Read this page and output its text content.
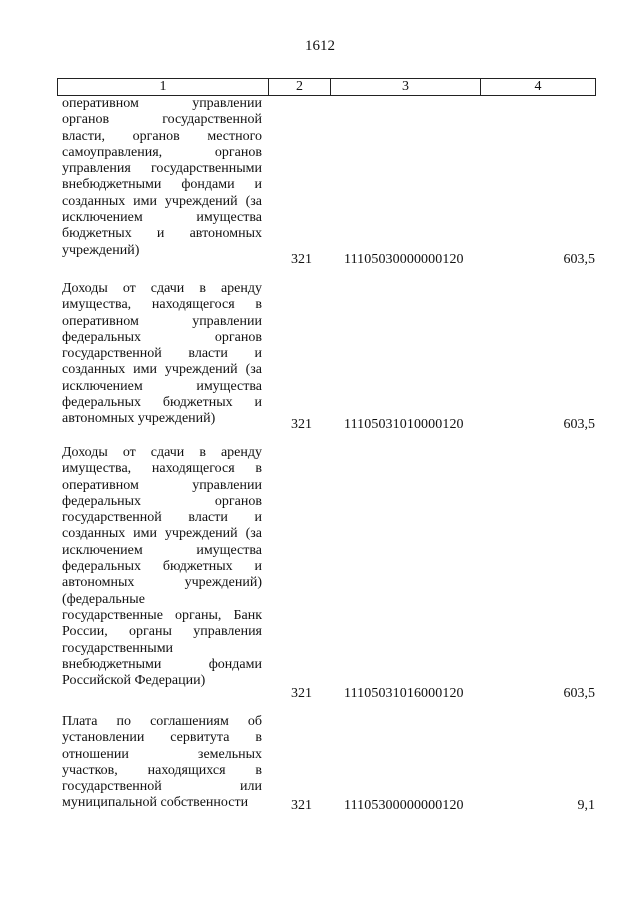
1612
1	2	3	4
оперативном управлении
органов государственной
власти, органов местного
самоуправления, органов
управления государственными
внебюджетными фондами и
созданных ими учреждений (за
исключением имущества
бюджетных и автономных
учреждений)
321 11105030000000120	603,5
Доходы от сдачи в аренду
имущества, находящегося в
оперативном управлении
федеральных органов
государственной власти и
созданных ими учреждений (за
исключением имущества
федеральных бюджетных и
автономных учреждений)	321 11105031010000120	603,5
Доходы от сдачи в аренду
имущества, находящегося в
оперативном управлении
федеральных органов
государственной власти и
созданных ими учреждений (за
исключением имущества
федеральных бюджетных и
автономных учреждений)
(федеральные
государственные органы, Банк
России, органы управления
государственными
внебюджетными фондами
Российской Федерации)
321 11105031016000120	603,5
Плата по соглашениям об
установлении сервитута в
отношении земельных
участков, находящихся в
государственной или
муниципальной собственности	321 11105300000000120	9,1
